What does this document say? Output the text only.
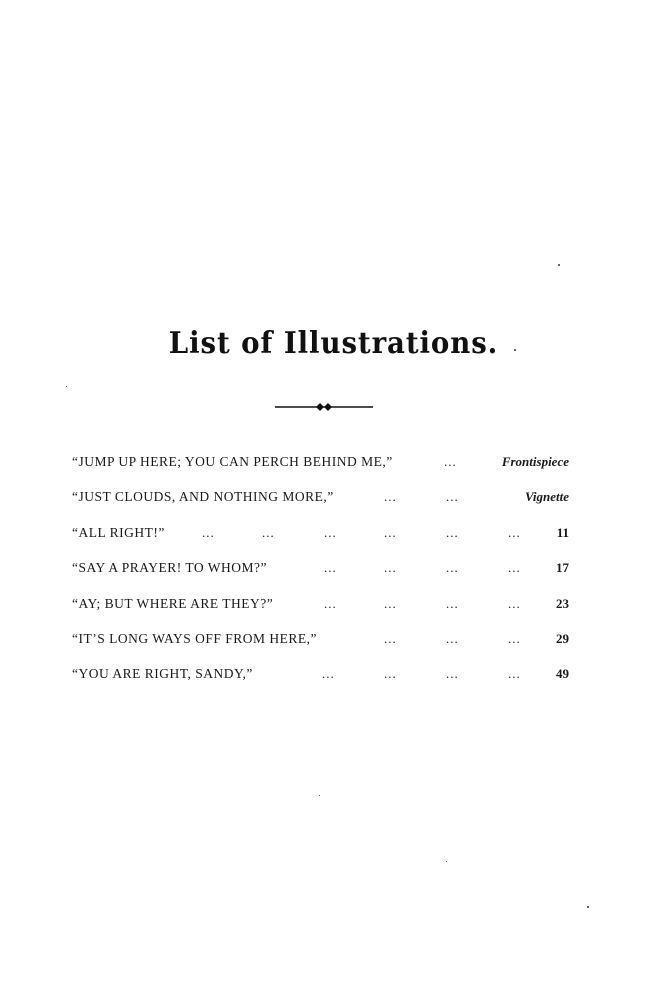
List of Illustrations.
“JUMP UP HERE; YOU CAN PERCH BEHIND ME,”	...	Frontispiece
“JUST CLOUDS, AND NOTHING MORE,”	...	...	Vignette
“ALL RIGHT!”	...	...	...	...	...	...	11
“SAY A PRAYER! TO WHOM?”	...	...	...	...	17
“AY; BUT WHERE ARE THEY?”	...	...	...	...	23
“IT’S LONG WAYS OFF FROM HERE,”	...	...	...	29
“YOU ARE RIGHT, SANDY,”	...	...	...	...	49
